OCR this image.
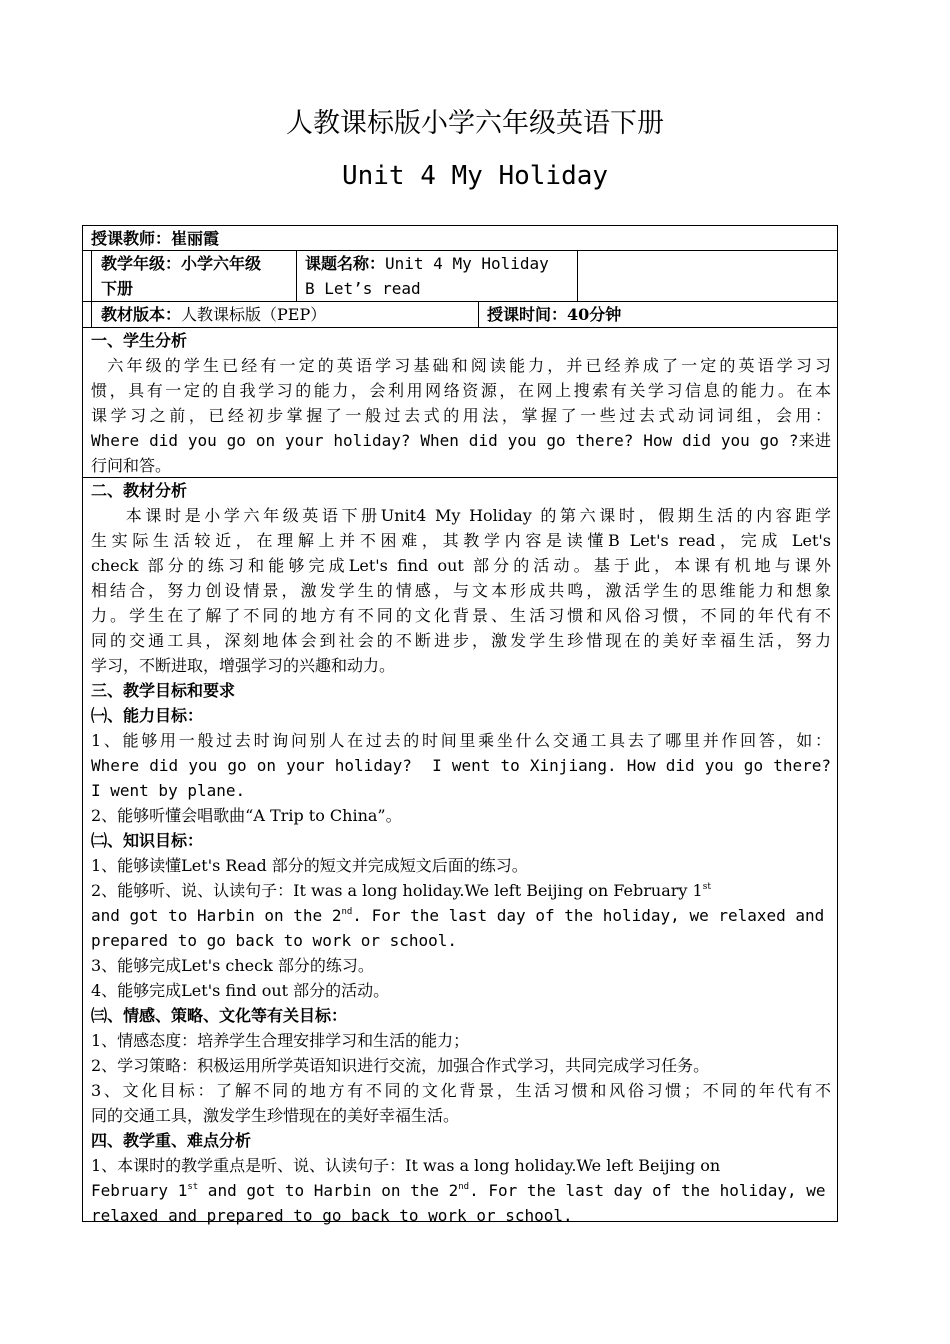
人教课标版小学六年级英语下册
Unit 4 My Holiday
授课教师：崔丽霞
教学年级：小学六年级
下册
课题名称：Unit 4 My Holiday
B Let’s read
教材版本：人教课标版（PEP）	授课时间：40分钟
一、学生分析
六年级的学生已经有一定的英语学习基础和阅读能力，并已经养成了一定的英语学习习
惯，具有一定的自我学习的能力，会利用网络资源，在网上搜索有关学习信息的能力。在本
课学习之前，已经初步掌握了一般过去式的用法，掌握了一些过去式动词词组，会用：
Where did you go on your holiday? When did you go there? How did you go ?来进
行问和答。
二、教材分析
本课时是小学六年级英语下册Unit4 My Holiday 的第六课时，假期生活的内容距学
生实际生活较近，在理解上并不困难，其教学内容是读懂B Let's read，完成 Let's
check 部分的练习和能够完成Let's find out 部分的活动。基于此，本课有机地与课外
相结合，努力创设情景，激发学生的情感，与文本形成共鸣，激活学生的思维能力和想象
力。学生在了解了不同的地方有不同的文化背景、生活习惯和风俗习惯，不同的年代有不
同的交通工具，深刻地体会到社会的不断进步，激发学生珍惜现在的美好幸福生活，努力
学习，不断进取，增强学习的兴趣和动力。
三、教学目标和要求
㈠、能力目标：
1、能够用一般过去时询问别人在过去的时间里乘坐什么交通工具去了哪里并作回答，如：
Where did you go on your holiday?  I went to Xinjiang. How did you go there?
I went by plane.
2、能够听懂会唱歌曲“A Trip to China”。
㈡、知识目标：
1、能够读懂Let's Read 部分的短文并完成短文后面的练习。
2、能够听、说、认读句子：It was a long holiday.We left Beijing on February 1st
and got to Harbin on the 2nd. For the last day of the holiday, we relaxed and
prepared to go back to work or school.
3、能够完成Let's check 部分的练习。
4、能够完成Let's find out 部分的活动。
㈢、情感、策略、文化等有关目标：
1、情感态度：培养学生合理安排学习和生活的能力；
2、学习策略：积极运用所学英语知识进行交流，加强合作式学习，共同完成学习任务。
3、文化目标：了解不同的地方有不同的文化背景，生活习惯和风俗习惯；不同的年代有不
同的交通工具，激发学生珍惜现在的美好幸福生活。
四、教学重、难点分析
1、本课时的教学重点是听、说、认读句子：It was a long holiday.We left Beijing on
February 1st and got to Harbin on the 2nd. For the last day of the holiday, we
relaxed and prepared to go back to work or school.
